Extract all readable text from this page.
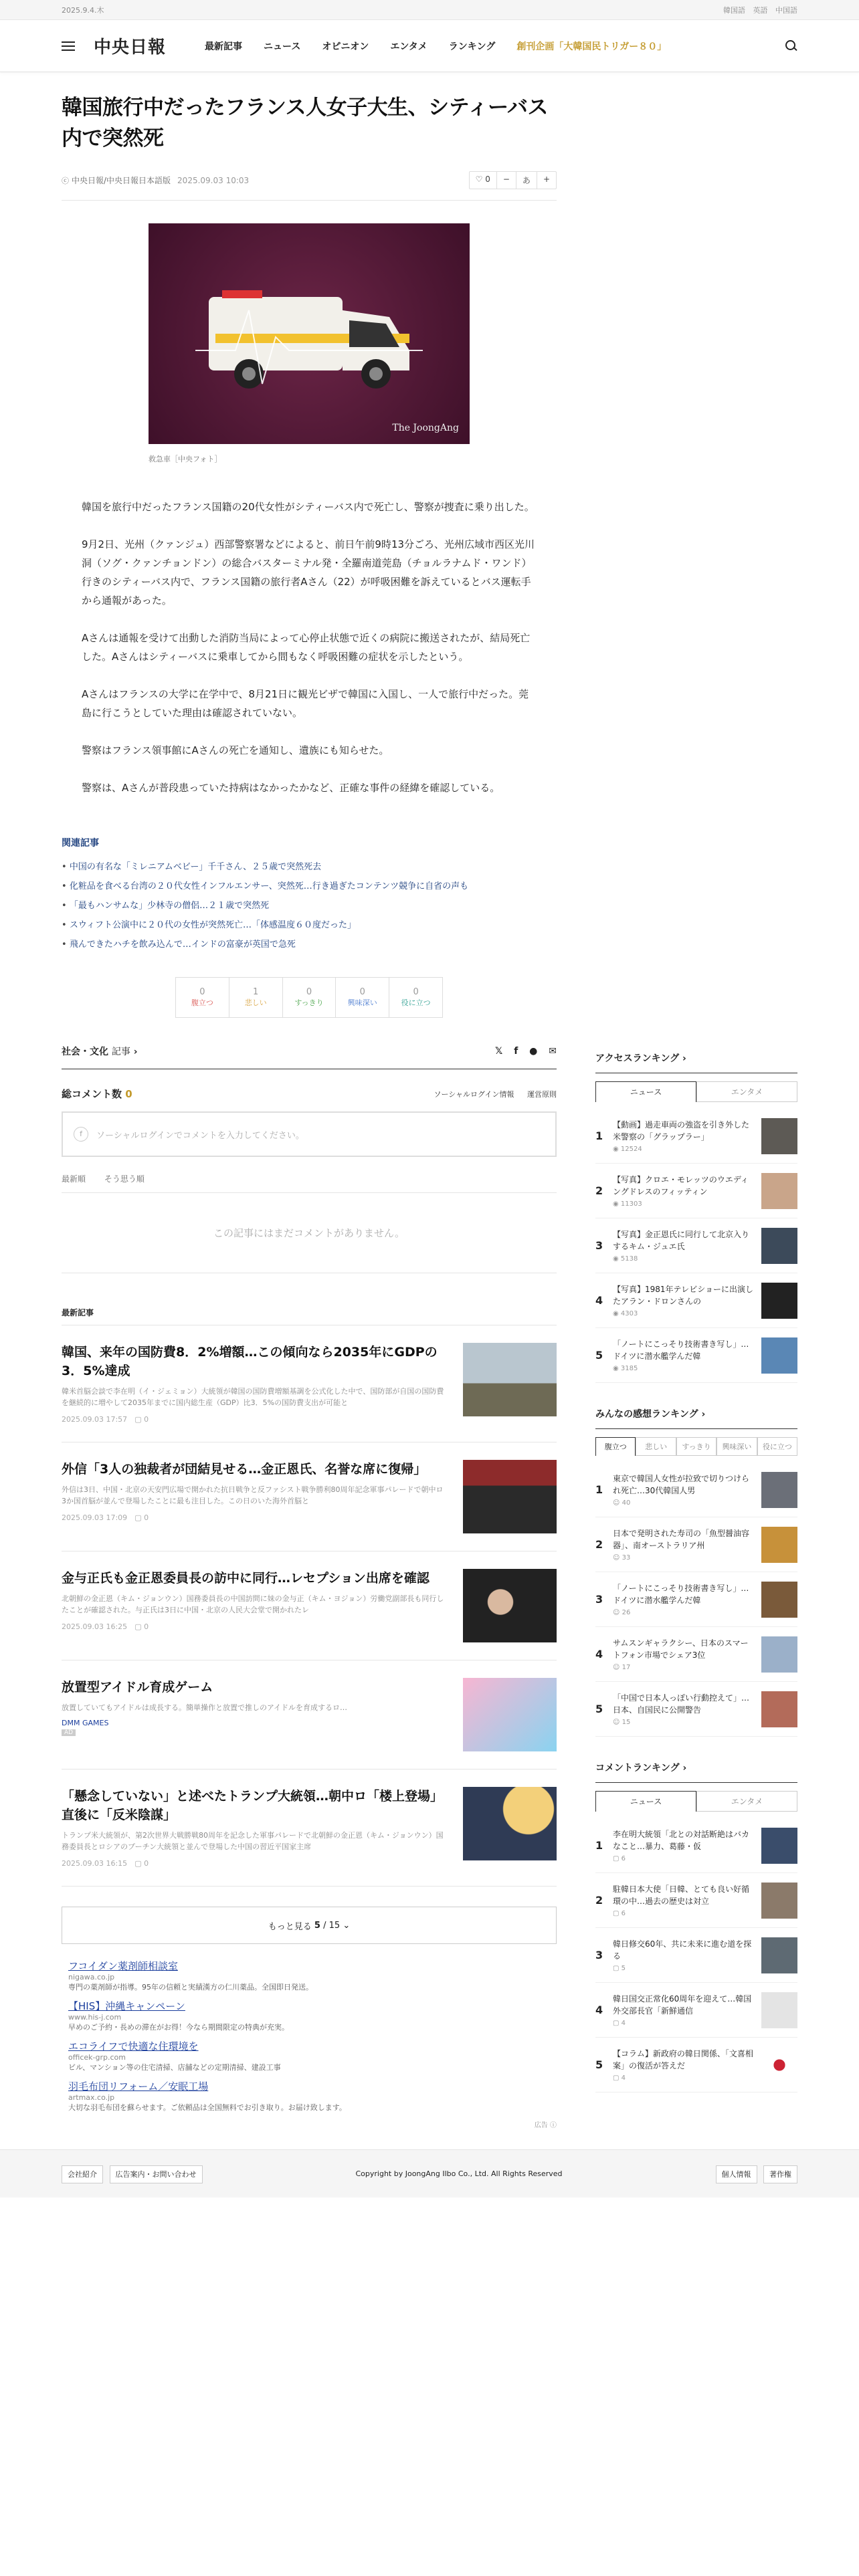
2025.9.4.木	韓国語 英語 中国語
中央日報	最新記事 ニュース オピニオン エンタメ ランキング 創刊企画「大韓国民トリガー８０」
韓国旅行中だったフランス人女子大生、シティーバス内で突然死
ⓒ 中央日報/中央日報日本語版 2025.09.03 10:03	♡ 0	−	あ	+
The JoongAng
救急車［中央フォト］

韓国を旅行中だったフランス国籍の20代女性がシティーバス内で死亡し、警察が捜査に乗り出した。

9月2日、光州（クァンジュ）西部警察署などによると、前日午前9時13分ごろ、光州広域市西区光川洞（ソグ・クァンチョンドン）の総合バスターミナル発・全羅南道莞島（チョルラナムド・ワンド）行きのシティーバス内で、フランス国籍の旅行者Aさん（22）が呼吸困難を訴えているとバス運転手から通報があった。

Aさんは通報を受けて出動した消防当局によって心停止状態で近くの病院に搬送されたが、結局死亡した。Aさんはシティーバスに乗車してから間もなく呼吸困難の症状を示したという。

Aさんはフランスの大学に在学中で、8月21日に観光ビザで韓国に入国し、一人で旅行中だった。莞島に行こうとしていた理由は確認されていない。

警察はフランス領事館にAさんの死亡を通知し、遺族にも知らせた。

警察は、Aさんが普段患っていた持病はなかったかなど、正確な事件の経緯を確認している。

関連記事
• 中国の有名な「ミレニアムベビー」千千さん、２５歳で突然死去
• 化粧品を食べる台湾の２０代女性インフルエンサー、突然死…行き過ぎたコンテンツ競争に自省の声も
• 「最もハンサムな」少林寺の僧侶…２１歳で突然死
• スウィフト公演中に２０代の女性が突然死亡…「体感温度６０度だった」
• 飛んできたハチを飲み込んで…インドの富豪が英国で急死
0
腹立つ
1
悲しい
0
すっきり
0
興味深い
0
役に立つ
社会・文化 記事 ›	𝕏 f ● ✉
総コメント数 0	ソーシャルログイン情報 運営原則
f	ソーシャルログインでコメントを入力してください。
最新順 そう思う順
この記事にはまだコメントがありません。
最新記事
韓国、来年の国防費8．2%増額…この傾向なら2035年にGDPの3．5%達成
韓米首脳会談で李在明（イ・ジェミョン）大統領が韓国の国防費増額基調を公式化した中で、国防部が自国の国防費を継続的に増やして2035年までに国内総生産（GDP）比3．5%の国防費支出が可能と
2025.09.03 17:57　 ▢ 0
外信「3人の独裁者が団結見せる…金正恩氏、名誉な席に復帰」
外信は3日、中国・北京の天安門広場で開かれた抗日戦争と反ファシスト戦争勝利80周年記念軍事パレードで朝中ロ3か国首脳が並んで登場したことに最も注目した。この日のいた海外首脳と
2025.09.03 17:09　 ▢ 0
金与正氏も金正恩委員長の訪中に同行…レセプション出席を確認
北朝鮮の金正恩（キム・ジョンウン）国務委員長の中国訪問に妹の金与正（キム・ヨジョン）労働党副部長も同行したことが確認された。与正氏は3日に中国・北京の人民大会堂で開かれたレ
2025.09.03 16:25　 ▢ 0
放置型アイドル育成ゲーム
放置していてもアイドルは成長する。簡単操作と放置で推しのアイドルを育成するロ…
DMM GAMES
AD
「懸念していない」と述べたトランプ大統領…朝中ロ「楼上登場」直後に「反米陰謀」
トランプ米大統領が、第2次世界大戦勝戦80周年を記念した軍事パレードで北朝鮮の金正恩（キム・ジョンウン）国務委員長とロシアのプーチン大統領と並んで登場した中国の習近平国家主席
2025.09.03 16:15　 ▢ 0
もっと見る
5 / 15
⌄
フコイダン薬剤師相談室
nigawa.co.jp
専門の薬剤師が指導。95年の信頼と実績漢方の仁川薬品。全国即日発送。
【HIS】沖縄キャンペーン
www.his-j.com
早めのご予約・長めの滞在がお得！今なら期間限定の特典が充実。
エコライフで快適な住環境を
officek-grp.com
ビル、マンション等の住宅清掃、店舗などの定期清掃、建設工事
羽毛布団リフォーム／安眠工場
artmax.co.jp
大切な羽毛布団を蘇らせます。ご依頼品は全国無料でお引き取り。お届け致します。
広告 ⓘ
アクセスランキング ›
ニュース	エンタメ
1
【動画】過走車両の強盗を引き外した米警察の「グラップラー」
◉ 12524
2
【写真】クロエ・モレッツのウエディングドレスのフィッティン
◉ 11303
3
【写真】金正恩氏に同行して北京入りするキム・ジュエ氏
◉ 5138
4
【写真】1981年テレビショーに出演したアラン・ドロンさんの
◉ 4303
5
「ノートにこっそり技術書き写し」…ドイツに潜水艦学んだ韓
◉ 3185
みんなの感想ランキング ›
腹立つ	悲しい	すっきり	興味深い	役に立つ
1
東京で韓国人女性が拉致で切りつけられ死亡…30代韓国人男
☺ 40
2
日本で発明された寿司の「魚型醤油容器」、南オーストラリア州
☺ 33
3
「ノートにこっそり技術書き写し」…ドイツに潜水艦学んだ韓
☺ 26
4
サムスンギャラクシー、日本のスマートフォン市場でシェア3位
☺ 17
5
「中国で日本人っぽい行動控えて」…日本、自国民に公開警告
☺ 15
コメントランキング ›
ニュース	エンタメ
1
李在明大統領「北との対話断絶はバカなこと…暴力、葛藤・仮
▢ 6
2
駐韓日本大使「日韓、とても良い好循環の中…過去の歴史は対立
▢ 6
3
韓日修交60年、共に未来に進む道を探る
▢ 5
4
韓日国交正常化60周年を迎えて…韓国外交部長官「新鮮通信
▢ 4
5
【コラム】新政府の韓日関係、「文喜相案」の復活が答えだ
▢ 4
会社紹介	広告案内・お問い合わせ	Copyright by JoongAng Ilbo Co., Ltd. All Rights Reserved	個人情報	著作権
